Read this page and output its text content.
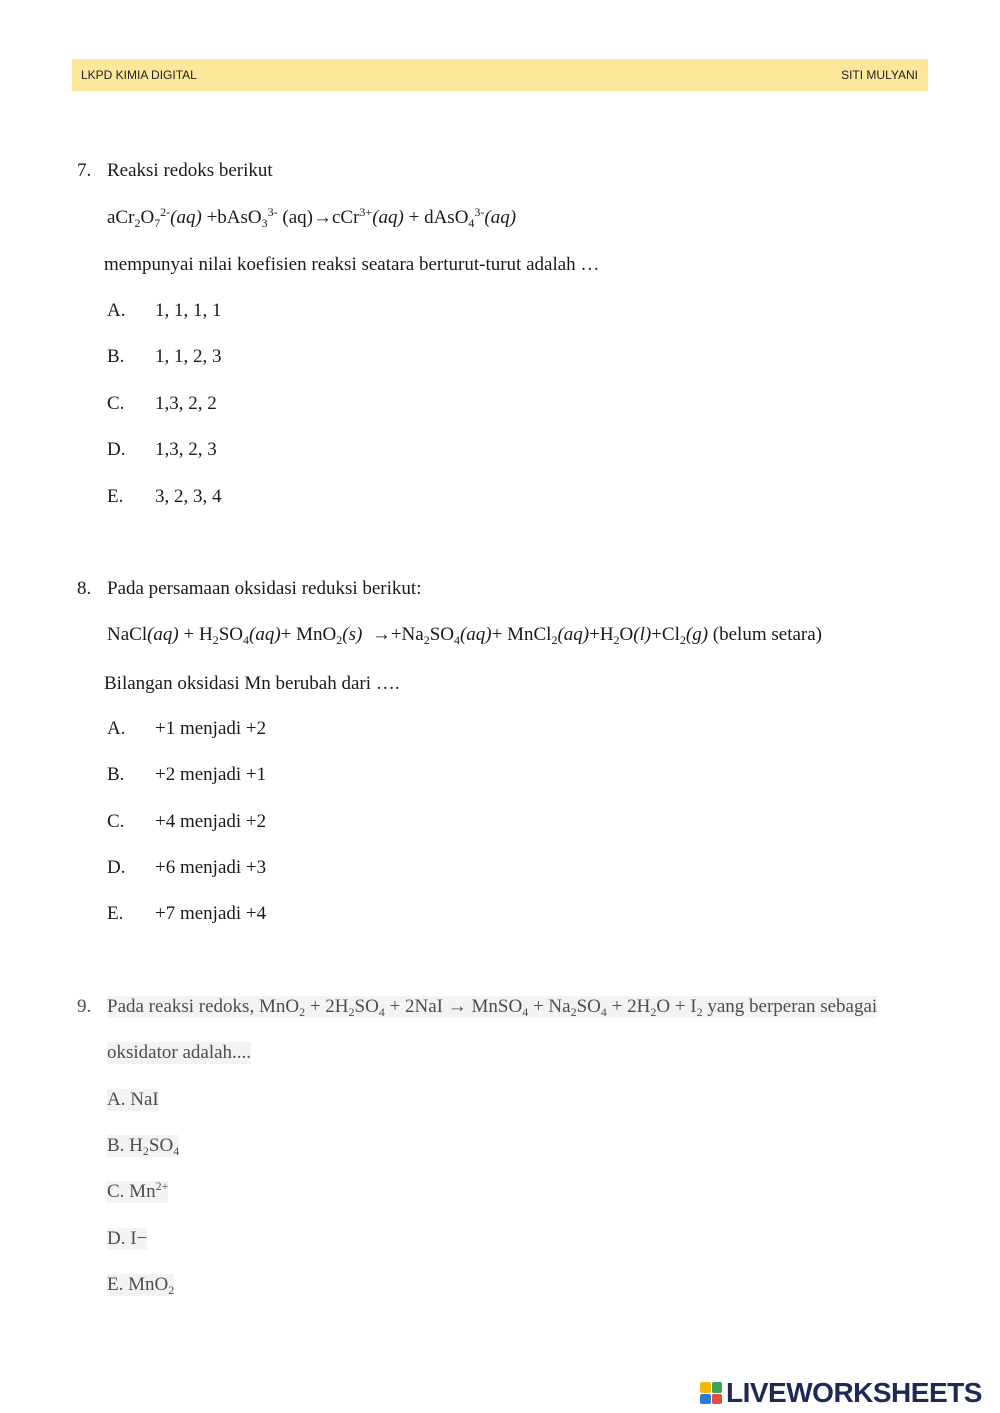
LKPD KIMIA DIGITAL	SITI MULYANI
7. Reaksi redoks berikut
$aCr_2O_7^{2-}(aq)$ +bAsO$_3^{3-}$ (aq)→cCr$^{3+}$(aq) + dAsO$_4^{3-}$(aq)
mempunyai nilai koefisien reaksi seatara berturut-turut adalah …
A. 1, 1, 1, 1
B. 1, 1, 2, 3
C. 1,3, 2, 2
D. 1,3, 2, 3
E. 3, 2, 3, 4
8. Pada persamaan oksidasi reduksi berikut:
NaCl(aq) + $H_2SO_4(aq)+ MnO_2(s) \to+Na_2SO_4(aq)+$ $MnCl_2(aq)+H_2O(l)+Cl_2(g)$ (belum setara)
Bilangan oksidasi Mn berubah dari ….
A. +1 menjadi +2
B. +2 menjadi +1
C. +4 menjadi +2
D. +6 menjadi +3
E. +7 menjadi +4
9. Pada reaksi redoks, $MnO_2 + 2H_2SO_4 + 2NaI$ → MnSO$_4$ + $Na_2SO_4 + 2H_2O + I_2$ yang berperan sebagai
oksidator adalah....
A. NaI
B. $H_2SO_4$
C. $Mn^{2+}$
D. I−
E. MnO$_2$
LIVEWORKSHEETS
